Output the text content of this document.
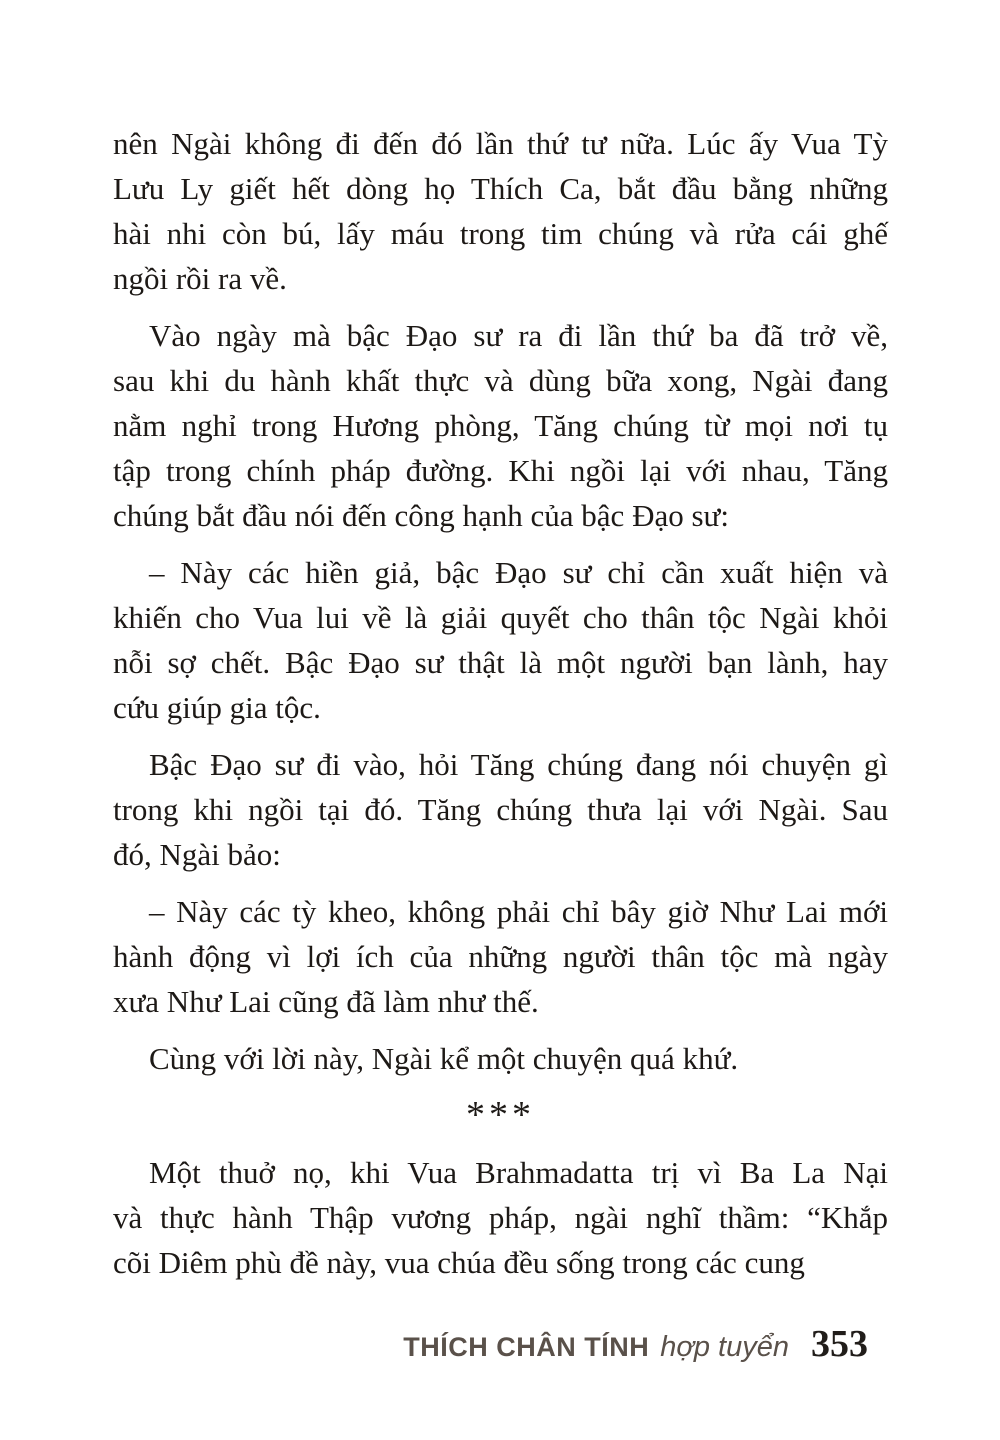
nên Ngài không đi đến đó lần thứ tư nữa. Lúc ấy Vua Tỳ
Lưu Ly giết hết dòng họ Thích Ca, bắt đầu bằng những
hài nhi còn bú, lấy máu trong tim chúng và rửa cái ghế
ngồi rồi ra về.
Vào ngày mà bậc Đạo sư ra đi lần thứ ba đã trở về,
sau khi du hành khất thực và dùng bữa xong, Ngài đang
nằm nghỉ trong Hương phòng, Tăng chúng từ mọi nơi tụ
tập trong chính pháp đường. Khi ngồi lại với nhau, Tăng
chúng bắt đầu nói đến công hạnh của bậc Đạo sư:
– Này các hiền giả, bậc Đạo sư chỉ cần xuất hiện và
khiến cho Vua lui về là giải quyết cho thân tộc Ngài khỏi
nỗi sợ chết. Bậc Đạo sư thật là một người bạn lành, hay
cứu giúp gia tộc.
Bậc Đạo sư đi vào, hỏi Tăng chúng đang nói chuyện gì
trong khi ngồi tại đó. Tăng chúng thưa lại với Ngài. Sau
đó, Ngài bảo:
– Này các tỳ kheo, không phải chỉ bây giờ Như Lai mới
hành động vì lợi ích của những người thân tộc mà ngày
xưa Như Lai cũng đã làm như thế.
Cùng với lời này, Ngài kể một chuyện quá khứ.
***
Một thuở nọ, khi Vua Brahmadatta trị vì Ba La Nại
và thực hành Thập vương pháp, ngài nghĩ thầm: “Khắp
cõi Diêm phù đề này, vua chúa đều sống trong các cung
THÍCH CHÂN TÍNH hợp tuyển 353
